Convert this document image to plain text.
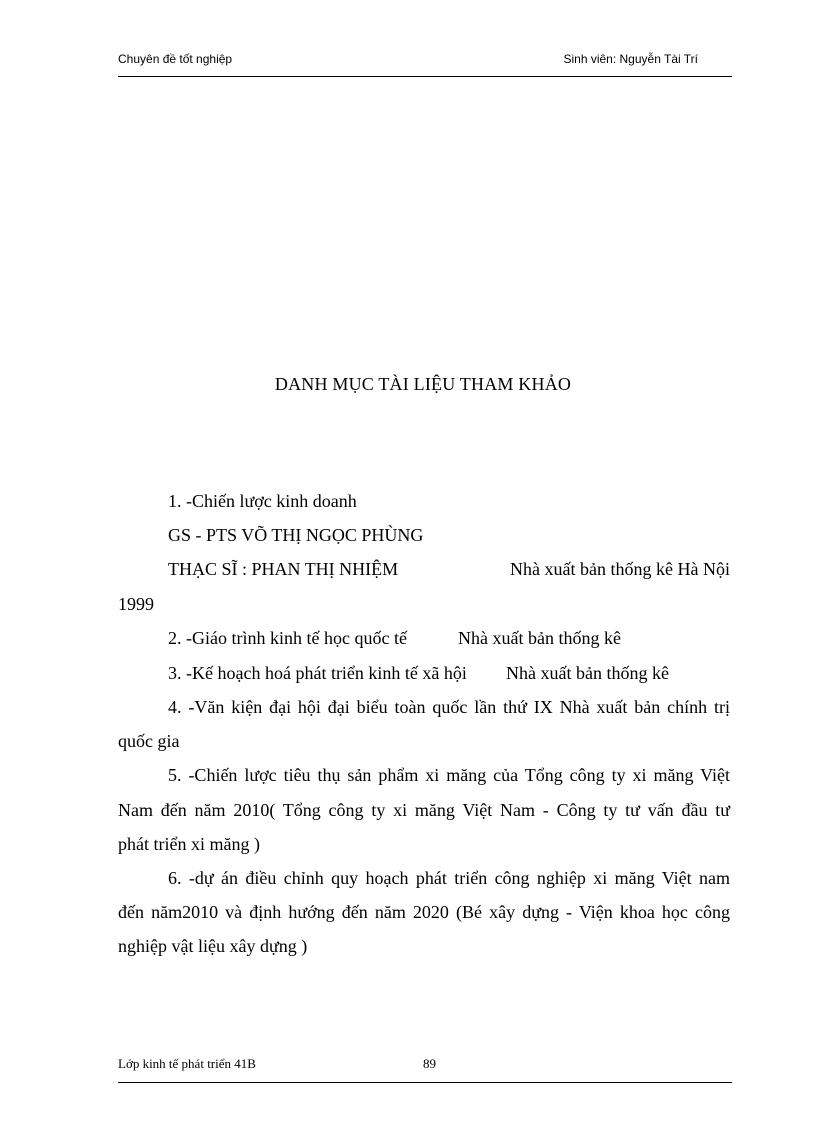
Chuyên đề tốt nghiệp	Sinh viên: Nguyễn Tài Trí
DANH MỤC TÀI LIỆU THAM KHẢO
1. -Chiến lược kinh doanh
GS - PTS VÕ THỊ NGỌC PHÙNG
THẠC SĨ : PHAN THỊ NHIỆM	Nhà xuất bản thống kê Hà Nội
1999
2. -Giáo trình kinh tế học quốc tế	Nhà xuất bản thống kê
3. -Kế hoạch hoá phát triển kinh tế xã hội Nhà xuất bản thống kê
4. -Văn kiện đại hội đại biểu toàn quốc lần thứ IX Nhà xuất bản chính trị
quốc gia
5. -Chiến lược tiêu thụ sản phẩm xi măng của Tổng công ty xi măng Việt
Nam đến năm 2010( Tổng công ty xi măng Việt Nam - Công ty tư vấn đầu tư
phát triển xi măng )
6. -dự án điều chỉnh quy hoạch phát triển công nghiệp xi măng Việt nam
đến năm2010 và định hướng đến năm 2020 (Bé xây dựng - Viện khoa học công
nghiệp vật liệu xây dựng )
Lớp kinh tế phát triển 41B	89
